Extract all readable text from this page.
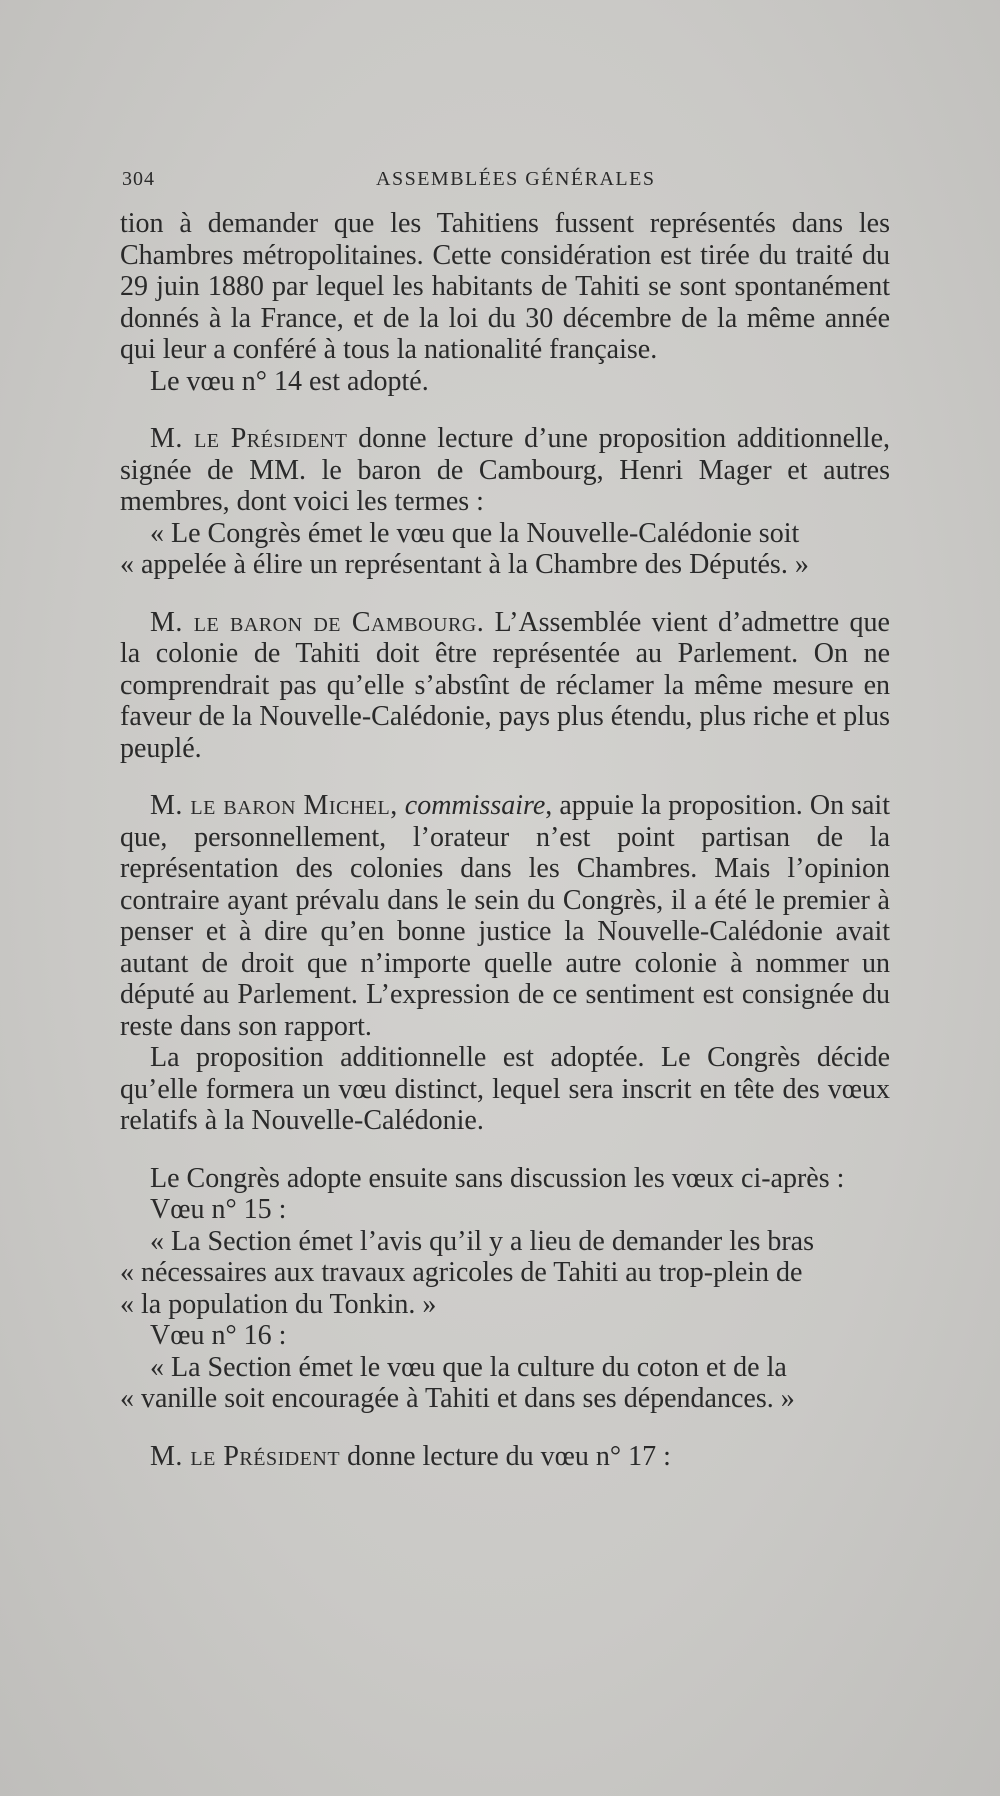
304	ASSEMBLÉES GÉNÉRALES

tion à demander que les Tahitiens fussent représentés dans les Chambres métropolitaines. Cette considération est tirée du traité du 29 juin 1880 par lequel les habitants de Tahiti se sont spontanément donnés à la France, et de la loi du 30 décembre de la même année qui leur a conféré à tous la nationalité française.

Le vœu n° 14 est adopté.

M. le Président donne lecture d’une proposition additionnelle, signée de MM. le baron de Cambourg, Henri Mager et autres membres, dont voici les termes :

« Le Congrès émet le vœu que la Nouvelle-Calédonie soit

« appelée à élire un représentant à la Chambre des Députés. »

M. le baron de Cambourg. L’Assemblée vient d’admettre que la colonie de Tahiti doit être représentée au Parlement. On ne comprendrait pas qu’elle s’abstînt de réclamer la même mesure en faveur de la Nouvelle-Calédonie, pays plus étendu, plus riche et plus peuplé.

M. le baron Michel, commissaire, appuie la proposition. On sait que, personnellement, l’orateur n’est point partisan de la représentation des colonies dans les Chambres. Mais l’opinion contraire ayant prévalu dans le sein du Congrès, il a été le premier à penser et à dire qu’en bonne justice la Nouvelle-Calédonie avait autant de droit que n’importe quelle autre colonie à nommer un député au Parlement. L’expression de ce sentiment est consignée du reste dans son rapport.

La proposition additionnelle est adoptée. Le Congrès décide qu’elle formera un vœu distinct, lequel sera inscrit en tête des vœux relatifs à la Nouvelle-Calédonie.

Le Congrès adopte ensuite sans discussion les vœux ci-après :

Vœu n° 15 :

« La Section émet l’avis qu’il y a lieu de demander les bras

« nécessaires aux travaux agricoles de Tahiti au trop-plein de

« la population du Tonkin. »

Vœu n° 16 :

« La Section émet le vœu que la culture du coton et de la

« vanille soit encouragée à Tahiti et dans ses dépendances. »

M. le Président donne lecture du vœu n° 17 :
